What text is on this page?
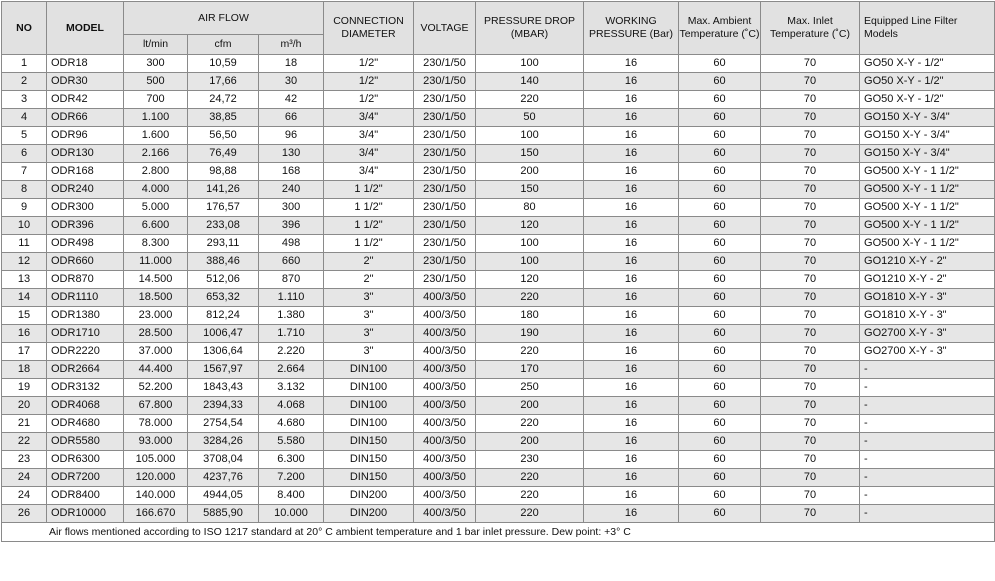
NO	MODEL	AIR FLOW			CONNECTION DIAMETER	VOLTAGE	PRESSURE DROP (MBAR)	WORKING PRESSURE (Bar)	Max. Ambient Temperature (˚C)	Max. Inlet Temperature (˚C)	Equipped Line Filter Models
		lt/min	cfm	m³/h							
1	ODR18	300	10,59	18	1/2"	230/1/50	100	16	60	70	GO50 X-Y - 1/2"
2	ODR30	500	17,66	30	1/2"	230/1/50	140	16	60	70	GO50 X-Y - 1/2"
3	ODR42	700	24,72	42	1/2"	230/1/50	220	16	60	70	GO50 X-Y - 1/2"
4	ODR66	1.100	38,85	66	3/4"	230/1/50	50	16	60	70	GO150 X-Y - 3/4"
5	ODR96	1.600	56,50	96	3/4"	230/1/50	100	16	60	70	GO150 X-Y - 3/4"
6	ODR130	2.166	76,49	130	3/4"	230/1/50	150	16	60	70	GO150 X-Y - 3/4"
7	ODR168	2.800	98,88	168	3/4"	230/1/50	200	16	60	70	GO500 X-Y - 1 1/2"
8	ODR240	4.000	141,26	240	1 1/2"	230/1/50	150	16	60	70	GO500 X-Y - 1 1/2"
9	ODR300	5.000	176,57	300	1 1/2"	230/1/50	80	16	60	70	GO500 X-Y - 1 1/2"
10	ODR396	6.600	233,08	396	1 1/2"	230/1/50	120	16	60	70	GO500 X-Y - 1 1/2"
11	ODR498	8.300	293,11	498	1 1/2"	230/1/50	100	16	60	70	GO500 X-Y - 1 1/2"
12	ODR660	11.000	388,46	660	2"	230/1/50	100	16	60	70	GO1210 X-Y - 2"
13	ODR870	14.500	512,06	870	2"	230/1/50	120	16	60	70	GO1210 X-Y - 2"
14	ODR1110	18.500	653,32	1.110	3"	400/3/50	220	16	60	70	GO1810 X-Y - 3"
15	ODR1380	23.000	812,24	1.380	3"	400/3/50	180	16	60	70	GO1810 X-Y - 3"
16	ODR1710	28.500	1006,47	1.710	3"	400/3/50	190	16	60	70	GO2700 X-Y - 3"
17	ODR2220	37.000	1306,64	2.220	3"	400/3/50	220	16	60	70	GO2700 X-Y - 3"
18	ODR2664	44.400	1567,97	2.664	DIN100	400/3/50	170	16	60	70	-
19	ODR3132	52.200	1843,43	3.132	DIN100	400/3/50	250	16	60	70	-
20	ODR4068	67.800	2394,33	4.068	DIN100	400/3/50	200	16	60	70	-
21	ODR4680	78.000	2754,54	4.680	DIN100	400/3/50	220	16	60	70	-
22	ODR5580	93.000	3284,26	5.580	DIN150	400/3/50	200	16	60	70	-
23	ODR6300	105.000	3708,04	6.300	DIN150	400/3/50	230	16	60	70	-
24	ODR7200	120.000	4237,76	7.200	DIN150	400/3/50	220	16	60	70	-
24	ODR8400	140.000	4944,05	8.400	DIN200	400/3/50	220	16	60	70	-
26	ODR10000	166.670	5885,90	10.000	DIN200	400/3/50	220	16	60	70	-
Air flows mentioned according to ISO 1217 standard at 20° C ambient temperature and 1 bar inlet pressure. Dew point: +3° C											
